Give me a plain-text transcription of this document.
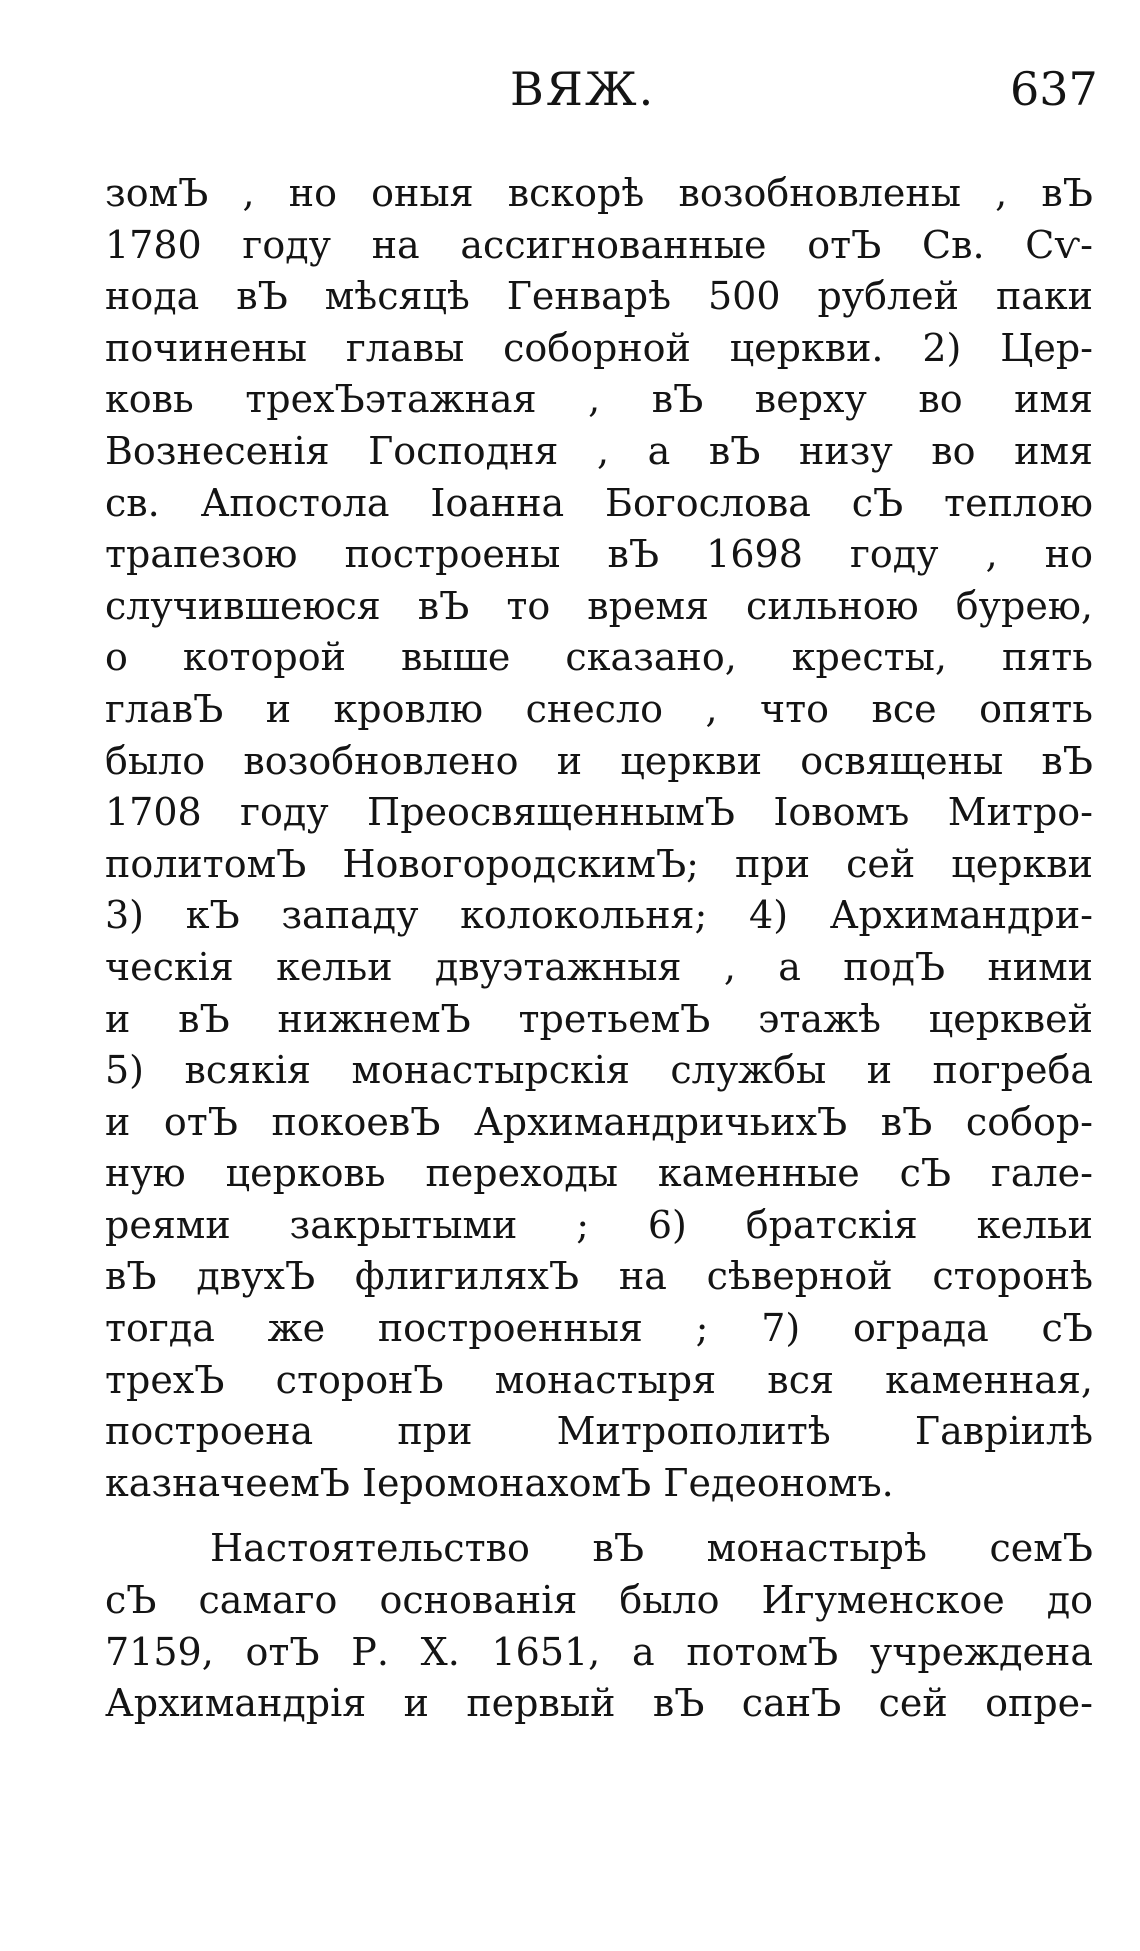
ВЯЖ.	637
зомЪ , но оныя вскорѣ возобновлены , вЪ
1780 году на ассигнованные отЪ Св. Сѵ-
нода вЪ мѣсяцѣ Генварѣ 500 рублей паки
починены главы соборной церкви. 2) Цер-
ковь трехЪэтажная , вЪ верху во имя
Вознесенія Господня , а вЪ низу во имя
св. Апостола Іоанна Богослова сЪ теплою
трапезою построены вЪ 1698 году , но
случившеюся вЪ то время сильною бурею,
о которой выше сказано, кресты, пять
главЪ и кровлю снесло , что все опять
было возобновлено и церкви освящены вЪ
1708 году ПреосвященнымЪ Іовомъ Митро-
политомЪ НовогородскимЪ; при сей церкви
3) кЪ западу колокольня; 4) Архимандри-
ческія кельи двуэтажныя , а подЪ ними
и вЪ нижнемЪ третьемЪ этажѣ церквей
5) всякія монастырскія службы и погреба
и отЪ покоевЪ АрхимандричьихЪ вЪ собор-
ную церковь переходы каменные сЪ гале-
реями закрытыми ; 6) братскія кельи
вЪ двухЪ флигиляхЪ на сѣверной сторонѣ
тогда же построенныя ; 7) ограда сЪ
трехЪ сторонЪ монастыря вся каменная,
построена при Митрополитѣ Гавріилѣ
казначеемЪ ІеромонахомЪ Гедеономъ.
Настоятельство вЪ монастырѣ семЪ
сЪ самаго основанія было Игуменское до
7159, отЪ Р. Х. 1651, а потомЪ учреждена
Архимандрія и первый вЪ санЪ сей опре-
